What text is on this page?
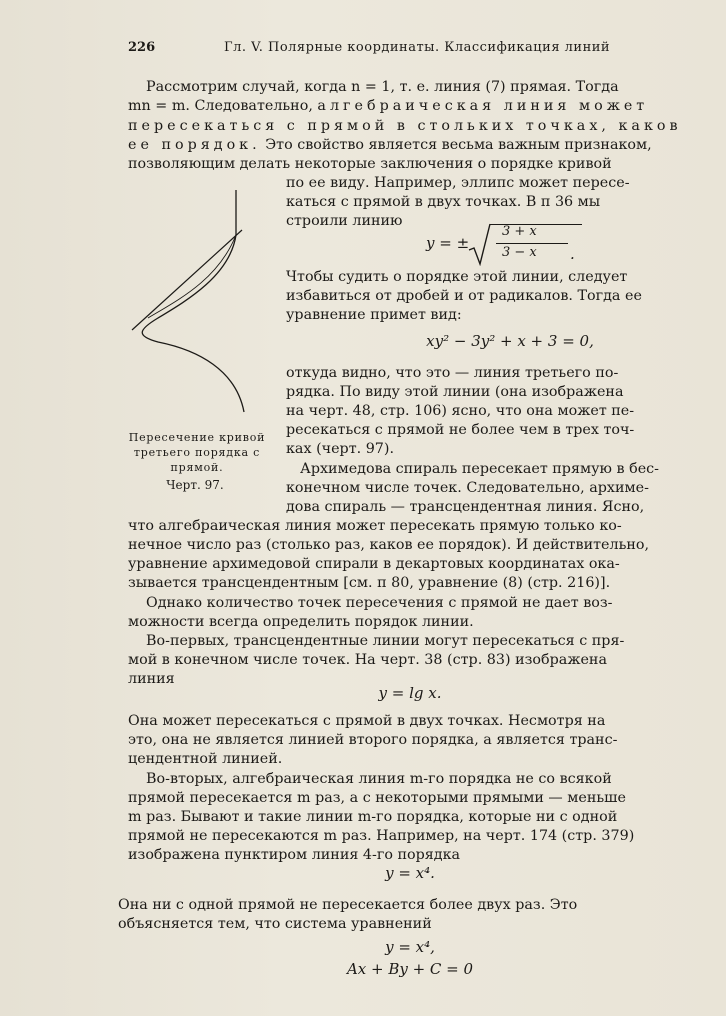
226	Гл. V. Полярные координаты. Классификация линий
Рассмотрим случай, когда n = 1, т. е. линия (7) прямая. Тогда
mn = m. Следовательно, алгебраическая линия может
пересекаться с прямой в стольких точках, каков
ее порядок. Это свойство является весьма важным признаком,
позволяющим делать некоторые заключения о порядке кривой
по ее виду. Например, эллипс может пересе-
каться с прямой в двух точках. В п 36 мы
строили линию
y = ±
3 + x
3 − x .
Чтобы судить о порядке этой линии, следует
избавиться от дробей и от радикалов. Тогда ее
уравнение примет вид:
xy² − 3y² + x + 3 = 0,
откуда видно, что это — линия третьего по-
рядка. По виду этой линии (она изображена
на черт. 48, стр. 106) ясно, что она может пе-
ресекаться с прямой не более чем в трех точ-
ках (черт. 97).
Пересечение кривой третьего порядка с прямой.
Черт. 97.
Архимедова спираль пересекает прямую в бес-
конечном числе точек. Следовательно, архиме-
дова спираль — трансцендентная линия. Ясно,
что алгебраическая линия может пересекать прямую только ко-
нечное число раз (столько раз, каков ее порядок). И действительно,
уравнение архимедовой спирали в декартовых координатах ока-
зывается трансцендентным [см. п 80, уравнение (8) (стр. 216)].
Однако количество точек пересечения с прямой не дает воз-
можности всегда определить порядок линии.
Во-первых, трансцендентные линии могут пересекаться с пря-
мой в конечном числе точек. На черт. 38 (стр. 83) изображена
линия
y = lg x.
Она может пересекаться с прямой в двух точках. Несмотря на
это, она не является линией второго порядка, а является транс-
цендентной линией.
Во-вторых, алгебраическая линия m-го порядка не со всякой
прямой пересекается m раз, а с некоторыми прямыми — меньше
m раз. Бывают и такие линии m-го порядка, которые ни с одной
прямой не пересекаются m раз. Например, на черт. 174 (стр. 379)
изображена пунктиром линия 4-го порядка
y = x⁴.
Она ни с одной прямой не пересекается более двух раз. Это
объясняется тем, что система уравнений
y = x⁴,
Ax + By + C = 0
